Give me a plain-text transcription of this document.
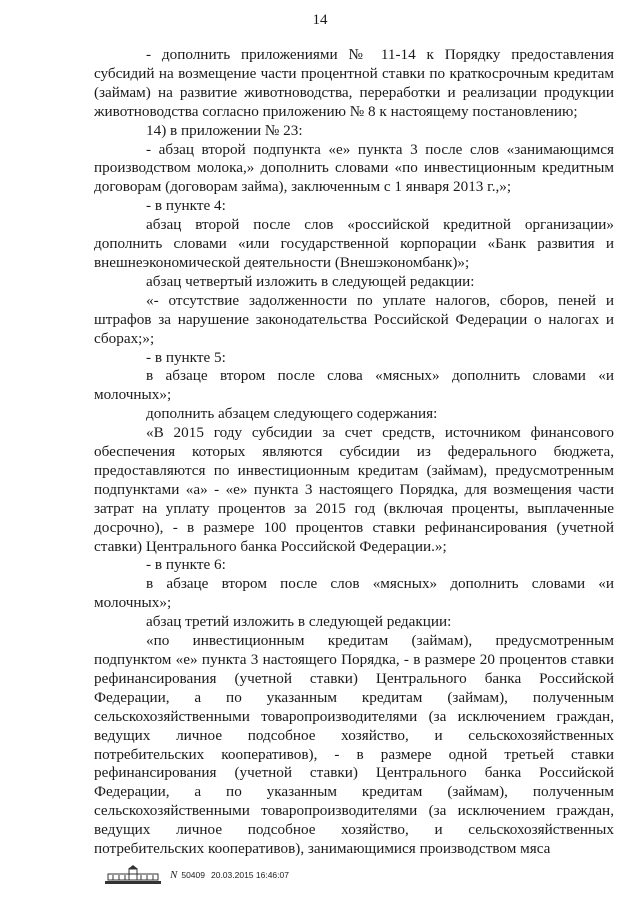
14

- дополнить приложениями № 11-14 к Порядку предоставления субсидий на возмещение части процентной ставки по краткосрочным кредитам (займам) на развитие животноводства, переработки и реализации продукции животноводства согласно приложению № 8 к настоящему постановлению;

14) в приложении № 23:

- абзац второй подпункта «е» пункта 3 после слов «занимающимся производством молока,» дополнить словами «по инвестиционным кредитным договорам (договорам займа), заключенным с 1 января 2013 г.,»;

- в пункте 4:

абзац второй после слов «российской кредитной организации» дополнить словами «или государственной корпорации «Банк развития и внешнеэкономической деятельности (Внешэкономбанк)»;

абзац четвертый изложить в следующей редакции:

«- отсутствие задолженности по уплате налогов, сборов, пеней и штрафов за нарушение законодательства Российской Федерации о налогах и сборах;»;

- в пункте 5:

в абзаце втором после слова «мясных» дополнить словами «и молочных»;

дополнить абзацем следующего содержания:

«В 2015 году субсидии за счет средств, источником финансового обеспечения которых являются субсидии из федерального бюджета, предоставляются по инвестиционным кредитам (займам), предусмотренным подпунктами «а» - «е» пункта 3 настоящего Порядка, для возмещения части затрат на уплату процентов за 2015 год (включая проценты, выплаченные досрочно), - в размере 100 процентов ставки рефинансирования (учетной ставки) Центрального банка Российской Федерации.»;

- в пункте 6:

в абзаце втором после слов «мясных» дополнить словами «и молочных»;

абзац третий изложить в следующей редакции:

«по инвестиционным кредитам (займам), предусмотренным подпунктом «е» пункта 3 настоящего Порядка, - в размере 20 процентов ставки рефинансирования (учетной ставки) Центрального банка Российской Федерации, а по указанным кредитам (займам), полученным сельскохозяйственными товаропроизводителями (за исключением граждан, ведущих личное подсобное хозяйство, и сельскохозяйственных потребительских кооперативов), - в размере одной третьей ставки рефинансирования (учетной ставки) Центрального банка Российской Федерации, а по указанным кредитам (займам), полученным сельскохозяйственными товаропроизводителями (за исключением граждан, ведущих личное подсобное хозяйство, и сельскохозяйственных потребительских кооперативов), занимающимися производством мяса

N 50409 20.03.2015 16:46:07
